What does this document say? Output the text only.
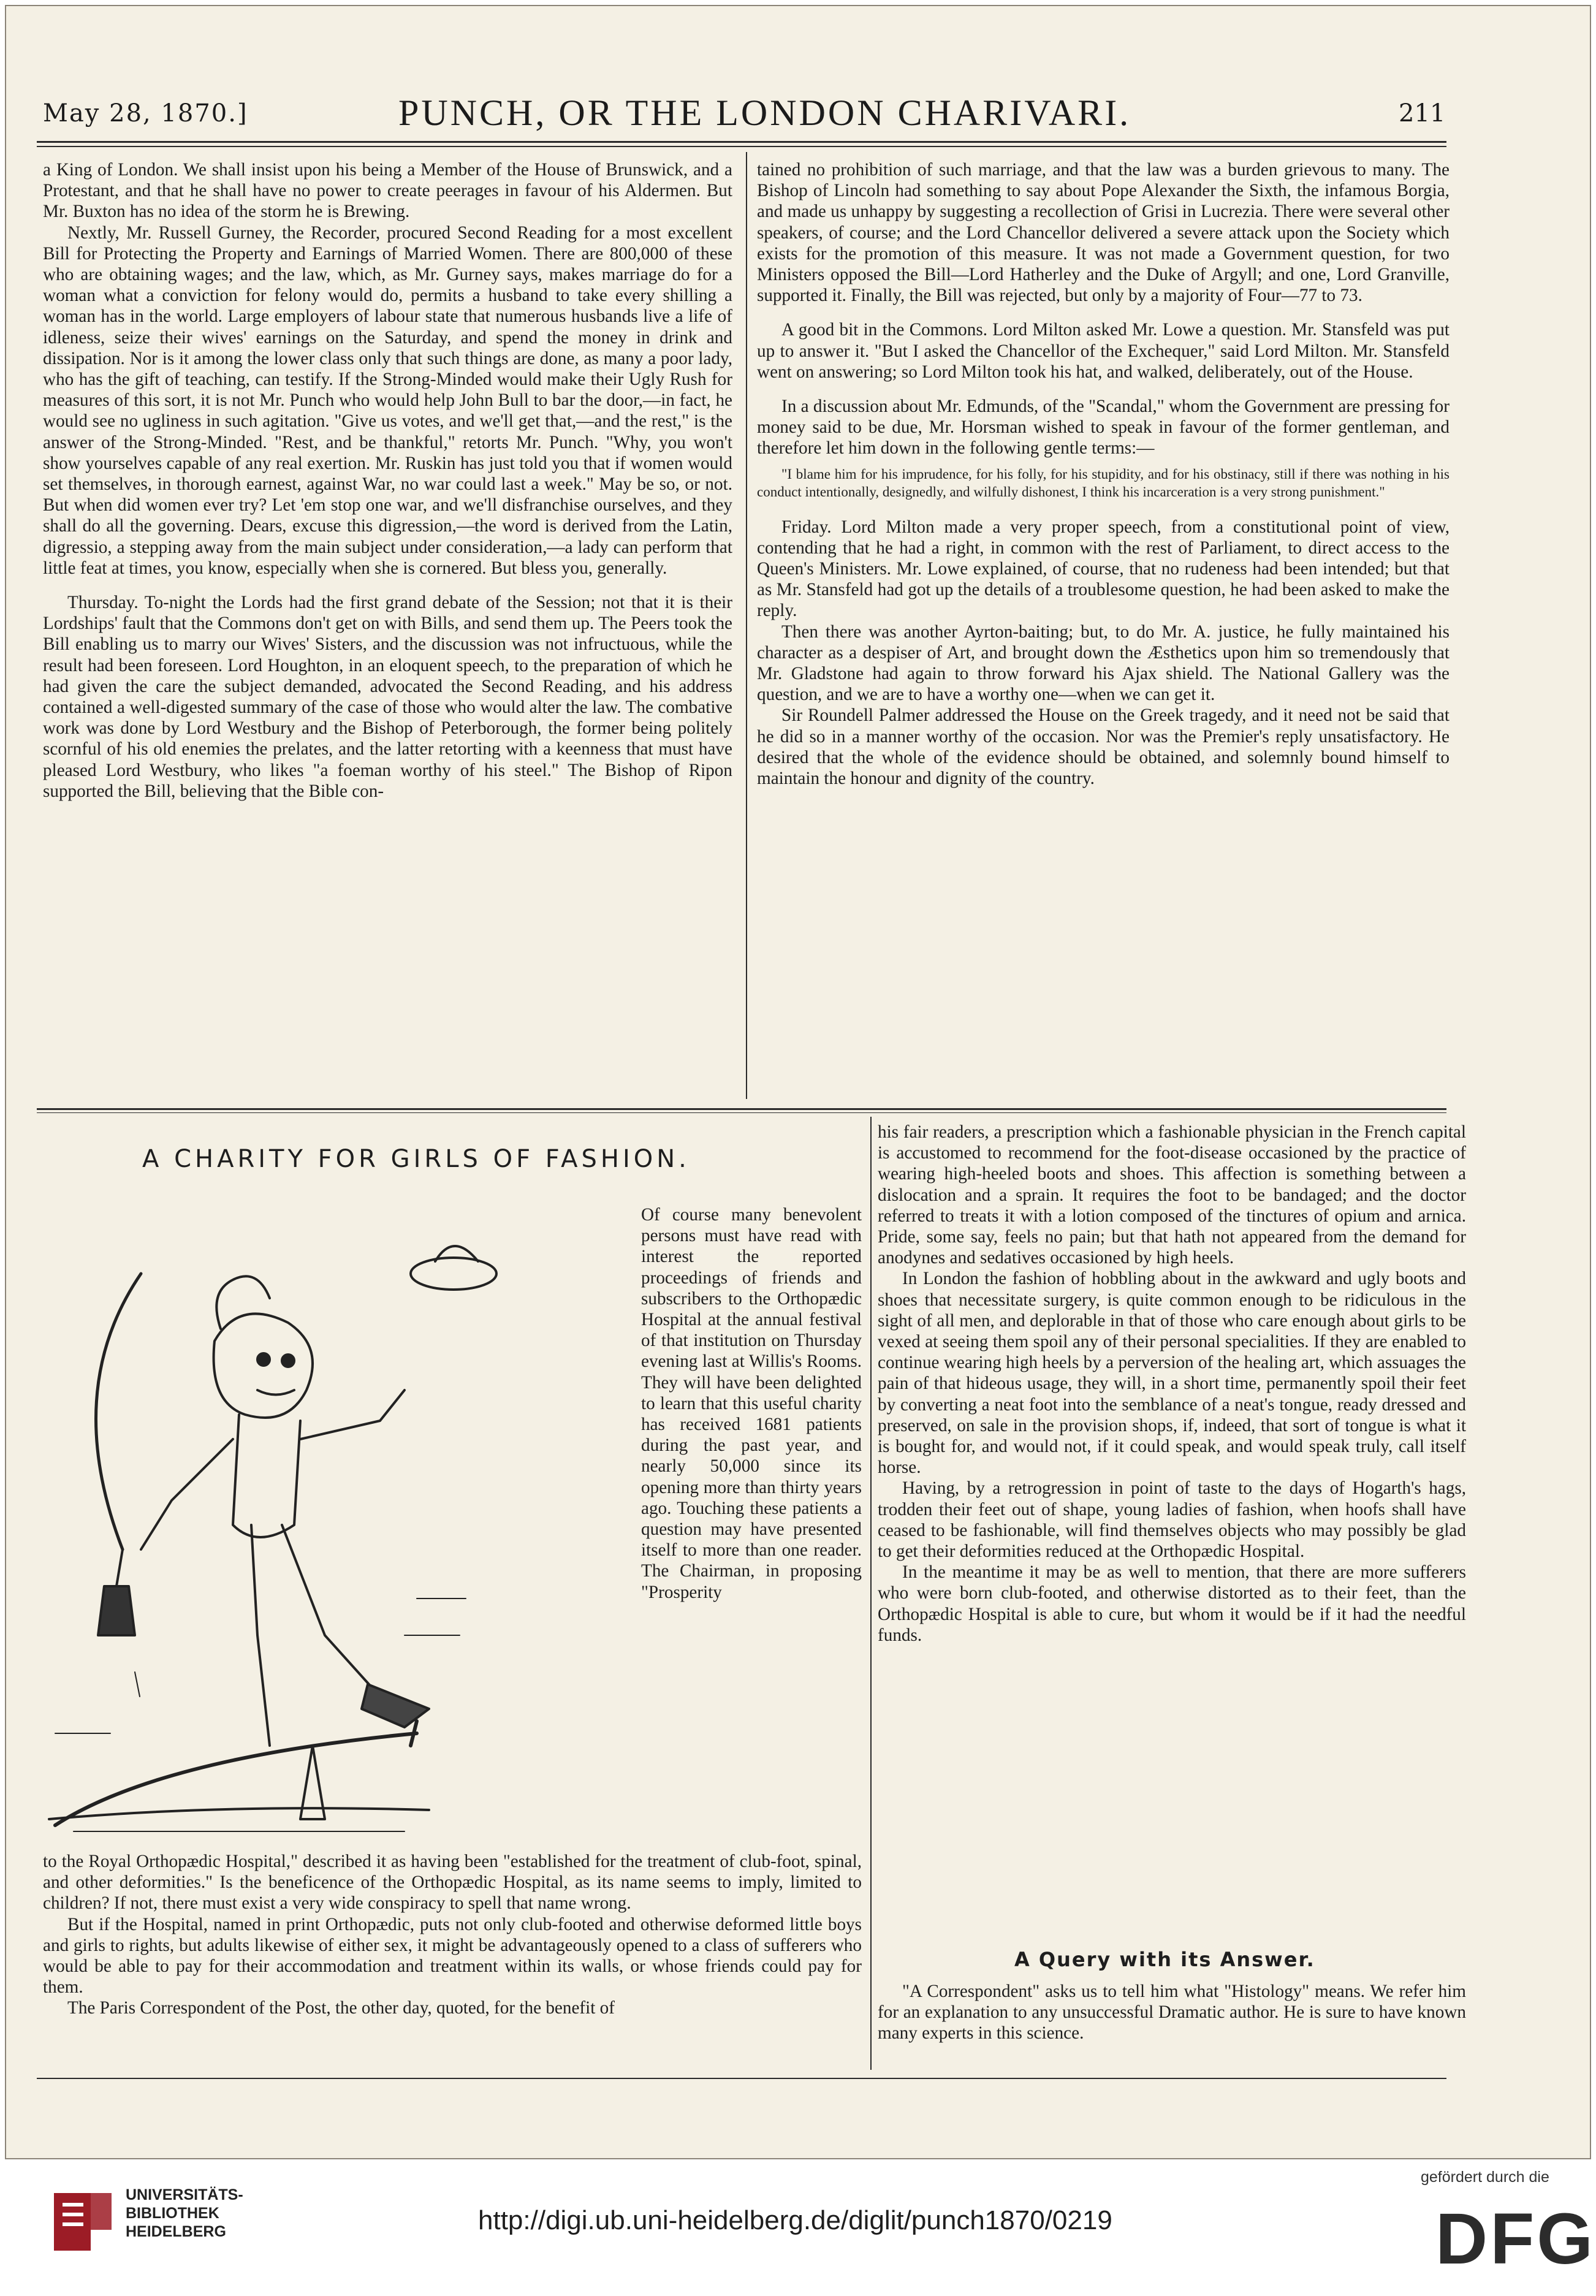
May 28, 1870.]	PUNCH, OR THE LONDON CHARIVARI.	211

a King of London. We shall insist upon his being a Member of the House of Brunswick, and a Protestant, and that he shall have no power to create peerages in favour of his Aldermen. But Mr. Buxton has no idea of the storm he is Brewing.

Nextly, Mr. Russell Gurney, the Recorder, procured Second Reading for a most excellent Bill for Protecting the Property and Earnings of Married Women. There are 800,000 of these who are obtaining wages; and the law, which, as Mr. Gurney says, makes marriage do for a woman what a conviction for felony would do, permits a husband to take every shilling a woman has in the world. Large employers of labour state that numerous husbands live a life of idleness, seize their wives' earnings on the Saturday, and spend the money in drink and dissipation. Nor is it among the lower class only that such things are done, as many a poor lady, who has the gift of teaching, can testify. If the Strong-Minded would make their Ugly Rush for measures of this sort, it is not Mr. Punch who would help John Bull to bar the door,—in fact, he would see no ugliness in such agitation. "Give us votes, and we'll get that,—and the rest," is the answer of the Strong-Minded. "Rest, and be thankful," retorts Mr. Punch. "Why, you won't show yourselves capable of any real exertion. Mr. Ruskin has just told you that if women would set themselves, in thorough earnest, against War, no war could last a week." May be so, or not. But when did women ever try? Let 'em stop one war, and we'll disfranchise ourselves, and they shall do all the governing. Dears, excuse this digression,—the word is derived from the Latin, digressio, a stepping away from the main subject under consideration,—a lady can perform that little feat at times, you know, especially when she is cornered. But bless you, generally.

Thursday. To-night the Lords had the first grand debate of the Session; not that it is their Lordships' fault that the Commons don't get on with Bills, and send them up. The Peers took the Bill enabling us to marry our Wives' Sisters, and the discussion was not infructuous, while the result had been foreseen. Lord Houghton, in an eloquent speech, to the preparation of which he had given the care the subject demanded, advocated the Second Reading, and his address contained a well-digested summary of the case of those who would alter the law. The combative work was done by Lord Westbury and the Bishop of Peterborough, the former being politely scornful of his old enemies the prelates, and the latter retorting with a keenness that must have pleased Lord Westbury, who likes "a foeman worthy of his steel." The Bishop of Ripon supported the Bill, believing that the Bible con-

tained no prohibition of such marriage, and that the law was a burden grievous to many. The Bishop of Lincoln had something to say about Pope Alexander the Sixth, the infamous Borgia, and made us unhappy by suggesting a recollection of Grisi in Lucrezia. There were several other speakers, of course; and the Lord Chancellor delivered a severe attack upon the Society which exists for the promotion of this measure. It was not made a Government question, for two Ministers opposed the Bill—Lord Hatherley and the Duke of Argyll; and one, Lord Granville, supported it. Finally, the Bill was rejected, but only by a majority of Four—77 to 73.

A good bit in the Commons. Lord Milton asked Mr. Lowe a question. Mr. Stansfeld was put up to answer it. "But I asked the Chancellor of the Exchequer," said Lord Milton. Mr. Stansfeld went on answering; so Lord Milton took his hat, and walked, deliberately, out of the House.

In a discussion about Mr. Edmunds, of the "Scandal," whom the Government are pressing for money said to be due, Mr. Horsman wished to speak in favour of the former gentleman, and therefore let him down in the following gentle terms:—

"I blame him for his imprudence, for his folly, for his stupidity, and for his obstinacy, still if there was nothing in his conduct intentionally, designedly, and wilfully dishonest, I think his incarceration is a very strong punishment."

Friday. Lord Milton made a very proper speech, from a constitutional point of view, contending that he had a right, in common with the rest of Parliament, to direct access to the Queen's Ministers. Mr. Lowe explained, of course, that no rudeness had been intended; but that as Mr. Stansfeld had got up the details of a troublesome question, he had been asked to make the reply.

Then there was another Ayrton-baiting; but, to do Mr. A. justice, he fully maintained his character as a despiser of Art, and brought down the Æsthetics upon him so tremendously that Mr. Gladstone had again to throw forward his Ajax shield. The National Gallery was the question, and we are to have a worthy one—when we can get it.

Sir Roundell Palmer addressed the House on the Greek tragedy, and it need not be said that he did so in a manner worthy of the occasion. Nor was the Premier's reply unsatisfactory. He desired that the whole of the evidence should be obtained, and solemnly bound himself to maintain the honour and dignity of the country.

A CHARITY FOR GIRLS OF FASHION.

Of course many benevolent persons must have read with interest the reported proceedings of friends and subscribers to the Orthopædic Hospital at the annual festival of that institution on Thursday evening last at Willis's Rooms. They will have been delighted to learn that this useful charity has received 1681 patients during the past year, and nearly 50,000 since its opening more than thirty years ago. Touching these patients a question may have presented itself to more than one reader. The Chairman, in proposing "Prosperity

to the Royal Orthopædic Hospital," described it as having been "established for the treatment of club-foot, spinal, and other deformities." Is the beneficence of the Orthopædic Hospital, as its name seems to imply, limited to children? If not, there must exist a very wide conspiracy to spell that name wrong.

But if the Hospital, named in print Orthopædic, puts not only club-footed and otherwise deformed little boys and girls to rights, but adults likewise of either sex, it might be advantageously opened to a class of sufferers who would be able to pay for their accommodation and treatment within its walls, or whose friends could pay for them.

The Paris Correspondent of the Post, the other day, quoted, for the benefit of

his fair readers, a prescription which a fashionable physician in the French capital is accustomed to recommend for the foot-disease occasioned by the practice of wearing high-heeled boots and shoes. This affection is something between a dislocation and a sprain. It requires the foot to be bandaged; and the doctor referred to treats it with a lotion composed of the tinctures of opium and arnica. Pride, some say, feels no pain; but that hath not appeared from the demand for anodynes and sedatives occasioned by high heels.

In London the fashion of hobbling about in the awkward and ugly boots and shoes that necessitate surgery, is quite common enough to be ridiculous in the sight of all men, and deplorable in that of those who care enough about girls to be vexed at seeing them spoil any of their personal specialities. If they are enabled to continue wearing high heels by a perversion of the healing art, which assuages the pain of that hideous usage, they will, in a short time, permanently spoil their feet by converting a neat foot into the semblance of a neat's tongue, ready dressed and preserved, on sale in the provision shops, if, indeed, that sort of tongue is what it is bought for, and would not, if it could speak, and would speak truly, call itself horse.

Having, by a retrogression in point of taste to the days of Hogarth's hags, trodden their feet out of shape, young ladies of fashion, when hoofs shall have ceased to be fashionable, will find themselves objects who may possibly be glad to get their deformities reduced at the Orthopædic Hospital.

In the meantime it may be as well to mention, that there are more sufferers who were born club-footed, and otherwise distorted as to their feet, than the Orthopædic Hospital is able to cure, but whom it would be if it had the needful funds.

A Query with its Answer.

"A Correspondent" asks us to tell him what "Histology" means. We refer him for an explanation to any unsuccessful Dramatic author. He is sure to have known many experts in this science.

UNIVERSITÄTS-
BIBLIOTHEK
HEIDELBERG	http://digi.ub.uni-heidelberg.de/diglit/punch1870/0219
gefördert durch die
DFG
